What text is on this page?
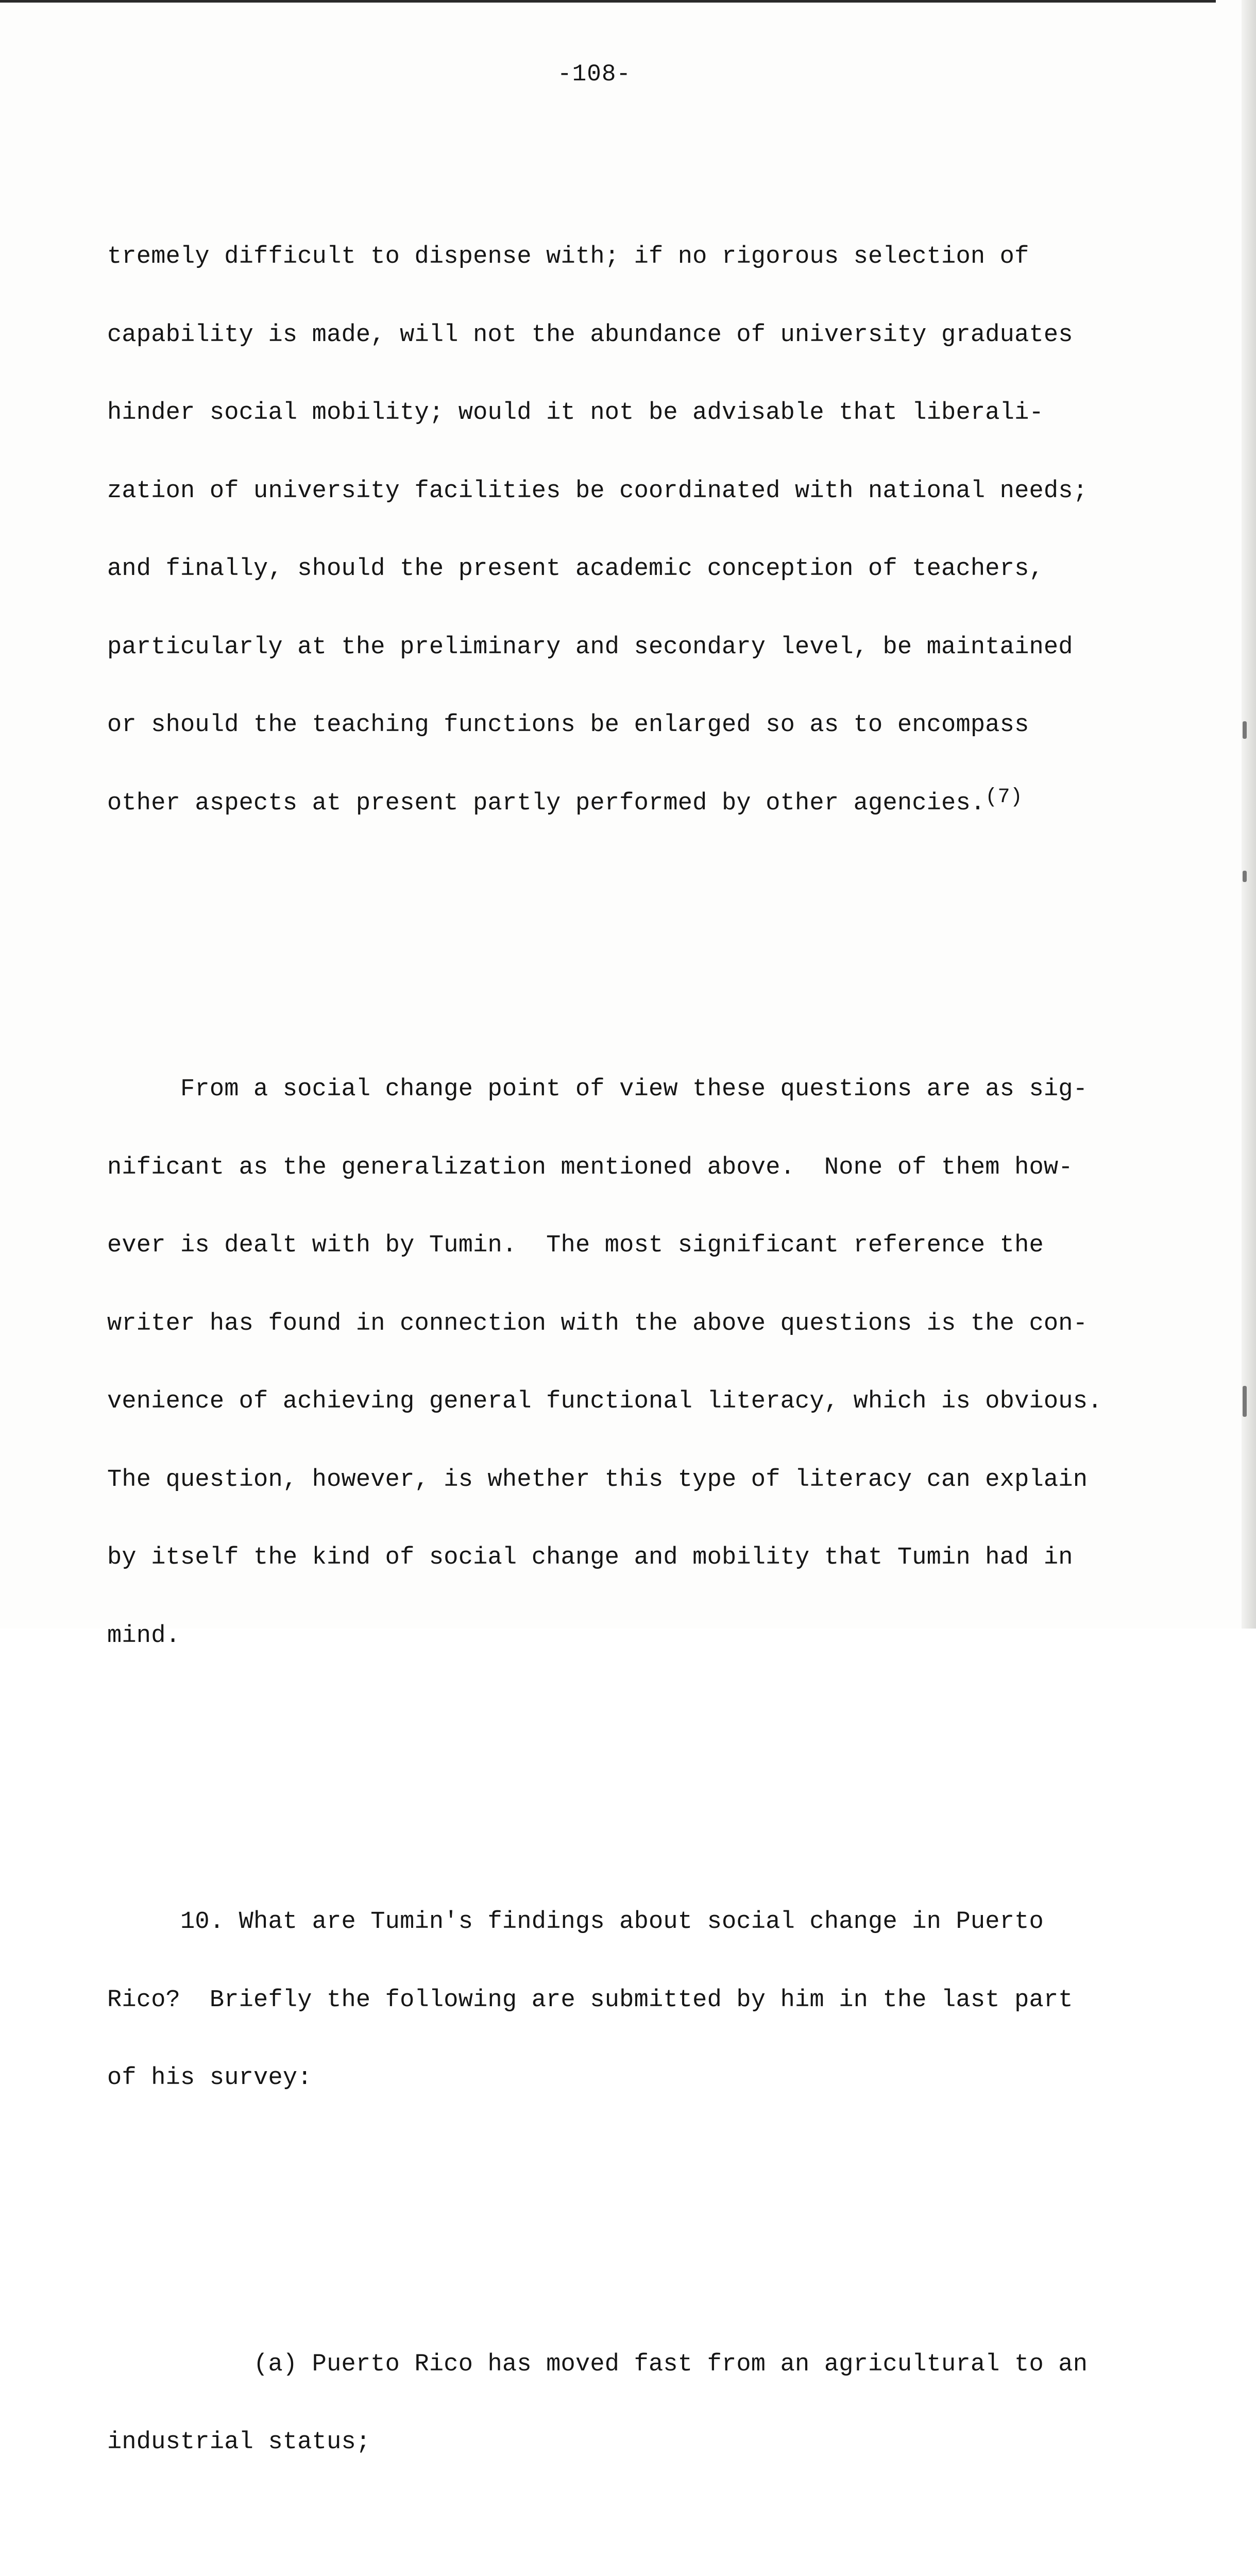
-108-

tremely difficult to dispense with; if no rigorous selection of

capability is made, will not the abundance of university graduates

hinder social mobility; would it not be advisable that liberali-

zation of university facilities be coordinated with national needs;

and finally, should the present academic conception of teachers,

particularly at the preliminary and secondary level, be maintained

or should the teaching functions be enlarged so as to encompass

other aspects at present partly performed by other agencies.(7)

From a social change point of view these questions are as sig-

nificant as the generalization mentioned above.  None of them how-

ever is dealt with by Tumin.  The most significant reference the

writer has found in connection with the above questions is the con-

venience of achieving general functional literacy, which is obvious.

The question, however, is whether this type of literacy can explain

by itself the kind of social change and mobility that Tumin had in

mind.

10. What are Tumin's findings about social change in Puerto

Rico?  Briefly the following are submitted by him in the last part

of his survey:

(a) Puerto Rico has moved fast from an agricultural to an

industrial status;
